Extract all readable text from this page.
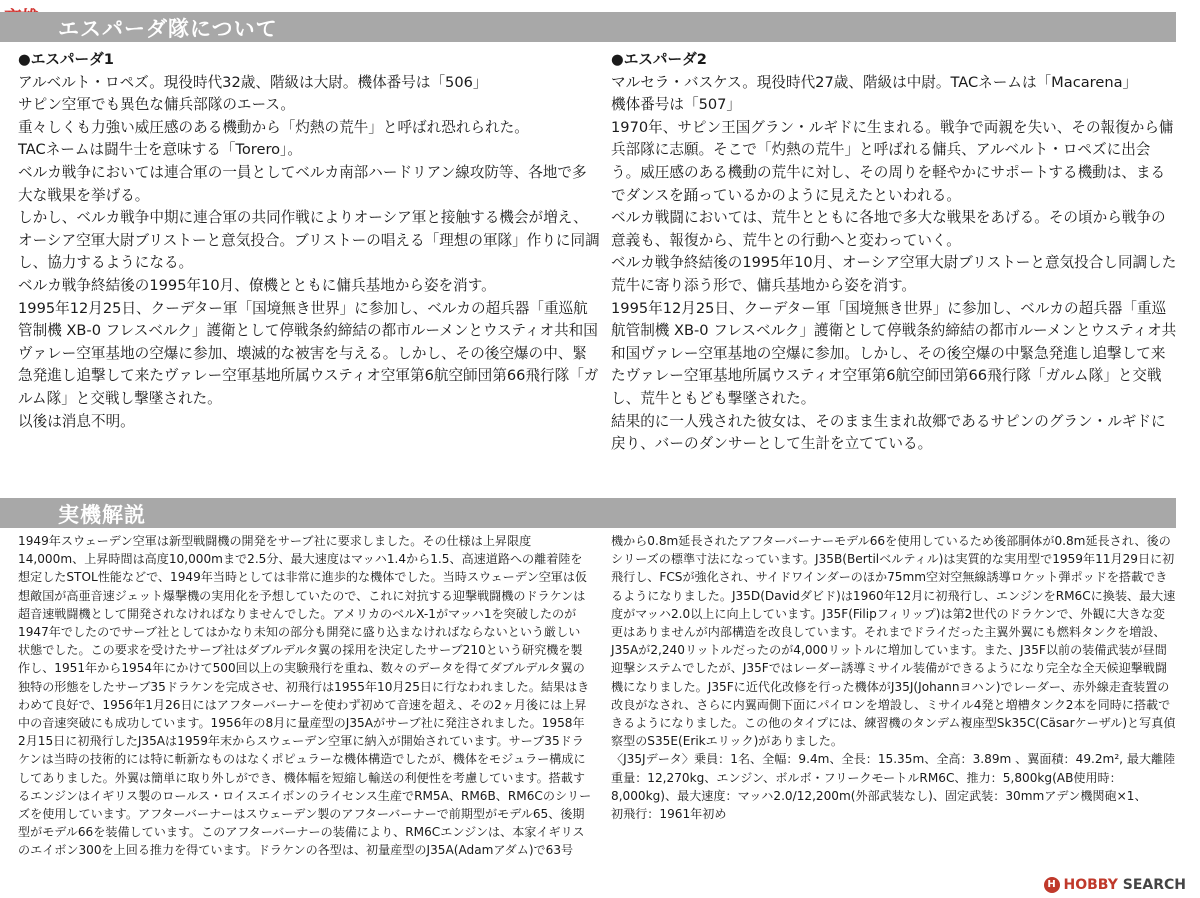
エスパーダ隊について
●エスパーダ1
アルベルト・ロペズ。現役時代32歳、階級は大尉。機体番号は「506」
サピン空軍でも異色な傭兵部隊のエース。
重々しくも力強い威圧感のある機動から「灼熱の荒牛」と呼ばれ恐れられた。
TACネームは闘牛士を意味する「Torero」。
ベルカ戦争においては連合軍の一員としてベルカ南部ハードリアン線攻防等、各地で多大な戦果を挙げる。
しかし、ベルカ戦争中期に連合軍の共同作戦によりオーシア軍と接触する機会が増え、オーシア空軍大尉ブリストーと意気投合。ブリストーの唱える「理想の軍隊」作りに同調し、協力するようになる。
ベルカ戦争終結後の1995年10月、僚機とともに傭兵基地から姿を消す。
1995年12月25日、クーデター軍「国境無き世界」に参加し、ベルカの超兵器「重巡航管制機 XB-0 フレスベルク」護衛として停戦条約締結の都市ルーメンとウスティオ共和国ヴァレー空軍基地の空爆に参加、壊滅的な被害を与える。しかし、その後空爆の中、緊急発進し追撃して来たヴァレー空軍基地所属ウスティオ空軍第6航空師団第66飛行隊「ガルム隊」と交戦し撃墜された。
以後は消息不明。
●エスパーダ2
マルセラ・バスケス。現役時代27歳、階級は中尉。TACネームは「Macarena」
機体番号は「507」
1970年、サピン王国グラン・ルギドに生まれる。戦争で両親を失い、その報復から傭兵部隊に志願。そこで「灼熱の荒牛」と呼ばれる傭兵、アルベルト・ロペズに出会う。威圧感のある機動の荒牛に対し、その周りを軽やかにサポートする機動は、まるでダンスを踊っているかのように見えたといわれる。
ベルカ戦闘においては、荒牛とともに各地で多大な戦果をあげる。その頃から戦争の意義も、報復から、荒牛との行動へと変わっていく。
ベルカ戦争終結後の1995年10月、オーシア空軍大尉ブリストーと意気投合し同調した荒牛に寄り添う形で、傭兵基地から姿を消す。
1995年12月25日、クーデター軍「国境無き世界」に参加し、ベルカの超兵器「重巡航管制機 XB-0 フレスベルク」護衛として停戦条約締結の都市ルーメンとウスティオ共和国ヴァレー空軍基地の空爆に参加。しかし、その後空爆の中緊急発進し追撃して来たヴァレー空軍基地所属ウスティオ空軍第6航空師団第66飛行隊「ガルム隊」と交戦し、荒牛ともども撃墜された。
結果的に一人残された彼女は、そのまま生まれ故郷であるサピンのグラン・ルギドに戻り、バーのダンサーとして生計を立てている。
実機解説
1949年スウェーデン空軍は新型戦闘機の開発をサーブ社に要求しました。その仕様は上昇限度14,000m、上昇時間は高度10,000mまで2.5分、最大速度はマッハ1.4から1.5、高速道路への離着陸を想定したSTOL性能などで、1949年当時としては非常に進歩的な機体でした。当時スウェーデン空軍は仮想敵国が高亜音速ジェット爆撃機の実用化を予想していたので、これに対抗する迎撃戦闘機のドラケンは超音速戦闘機として開発されなければなりませんでした。アメリカのベルX-1がマッハ1を突破したのが1947年でしたのでサーブ社としてはかなり未知の部分も開発に盛り込まなければならないという厳しい状態でした。この要求を受けたサーブ社はダブルデルタ翼の採用を決定したサーブ210という研究機を製作し、1951年から1954年にかけて500回以上の実験飛行を重ね、数々のデータを得てダブルデルタ翼の独特の形態をしたサーブ35ドラケンを完成させ、初飛行は1955年10月25日に行なわれました。結果はきわめて良好で、1956年1月26日にはアフターバーナーを使わず初めて音速を超え、その2ヶ月後には上昇中の音速突破にも成功しています。1956年の8月に量産型のJ35Aがサーブ社に発注されました。1958年2月15日に初飛行したJ35Aは1959年末からスウェーデン空軍に納入が開始されています。サーブ35ドラケンは当時の技術的には特に斬新なものはなくポピュラーな機体構造でしたが、機体をモジュラー構成にしてありました。外翼は簡単に取り外しができ、機体幅を短縮し輸送の利便性を考慮しています。搭載するエンジンはイギリス製のロールス・ロイスエイボンのライセンス生産でRM5A、RM6B、RM6Cのシリーズを使用しています。アフターバーナーはスウェーデン製のアフターバーナーで前期型がモデル65、後期型がモデル66を装備しています。このアフターバーナーの装備により、RM6Cエンジンは、本家イギリスのエイボン300を上回る推力を得ています。ドラケンの各型は、初量産型のJ35A(Adamアダム)で63号
機から0.8m延長されたアフターバーナーモデル66を使用しているため後部胴体が0.8m延長され、後のシリーズの標準寸法になっています。J35B(Bertilベルティル)は実質的な実用型で1959年11月29日に初飛行し、FCSが強化され、サイドワインダーのほか75mm空対空無線誘導ロケット弾ポッドを搭載できるようになりました。J35D(Davidダビド)は1960年12月に初飛行し、エンジンをRM6Cに換装、最大速度がマッハ2.0以上に向上しています。J35F(Filipフィリップ)は第2世代のドラケンで、外観に大きな変更はありませんが内部構造を改良しています。それまでドライだった主翼外翼にも燃料タンクを増設、J35Aが2,240リットルだったのが4,000リットルに増加しています。また、J35F以前の装備武装が昼間迎撃システムでしたが、J35Fではレーダー誘導ミサイル装備ができるようになり完全な全天候迎撃戦闘機になりました。J35Fに近代化改修を行った機体がJ35J(Johannヨハン)でレーダー、赤外線走査装置の改良がなされ、さらに内翼両側下面にパイロンを増設し、ミサイル4発と増槽タンク2本を同時に搭載できるようになりました。この他のタイプには、練習機のタンデム複座型Sk35C(Cäsarケーザル)と写真偵察型のS35E(Erikエリック)がありました。
〈J35Jデータ〉乗員：1名、全幅：9.4m、全長：15.35m、全高：3.89m 、翼面積：49.2m², 最大離陸重量：12,270kg、エンジン、ボルボ・フリークモートルRM6C、推力：5,800kg(AB使用時：8,000kg)、最大速度：マッハ2.0/12,200m(外部武装なし)、固定武装：30mmアデン機関砲×1、
初飛行：1961年初め
H HOBBY SEARCH
